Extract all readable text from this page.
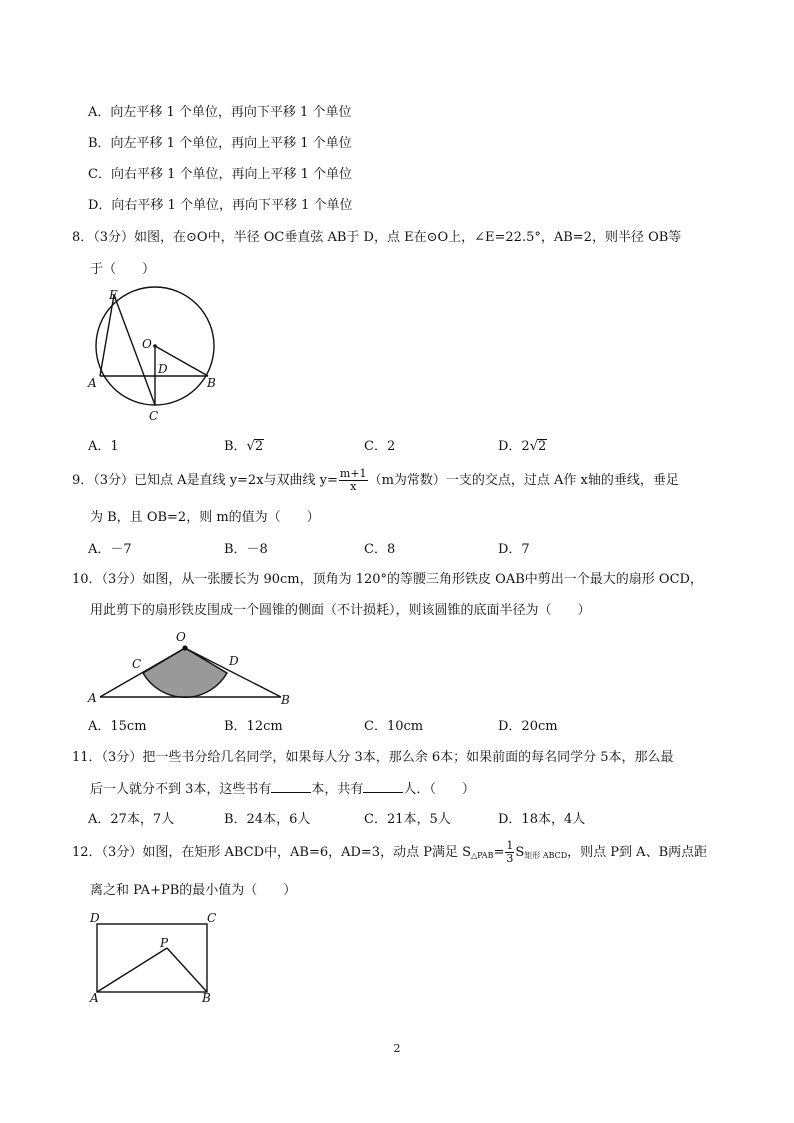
A．向左平移 1 个单位，再向下平移 1 个单位
B．向左平移 1 个单位，再向上平移 1 个单位
C．向右平移 1 个单位，再向上平移 1 个单位
D．向右平移 1 个单位，再向下平移 1 个单位
8．（3分）如图，在⊙O中，半径 OC垂直弦 AB于 D，点 E在⊙O上，∠E=22.5°，AB=2，则半径 OB等
于（　　）
E
O
D
A	B
C
A．1	B．√2	C．2	D．2√2
9．（3分）已知点 A是直线 y=2x与双曲线 $y= \frac{m+1}{x} (m$为常数）一支的交点，过点 A作 x轴的垂线，垂足
为 B，且 OB=2，则 m的值为（　　）
A．－7	B．－8	C．8	D．7
10．（3分）如图，从一张腰长为 90cm，顶角为 120°的等腰三角形铁皮 OAB中剪出一个最大的扇形 OCD，
用此剪下的扇形铁皮围成一个圆锥的侧面（不计损耗），则该圆锥的底面半径为（　　）
O
C	D
A	B
A．15cm	B．12cm	C．10cm	D．20cm
11．（3分）把一些书分给几名同学，如果每人分 3本，那么余 6本；如果前面的每名同学分 5本，那么最
后一人就分不到 3本，这些书有	本，共有	人．（　　）
A．27本，7人	B．24本，6人	C．21本，5人	D．18本，4人
12．（3分）如图，在矩形 ABCD中，AB=6，AD=3，动点 P满足 $S_{\triangle PAB}= \frac{1}{3} S_{矩形 ABCD}$，则点 P到 A、B两点距
离之和 PA+PB的最小值为（　　）
D	C
P
A	B
2
